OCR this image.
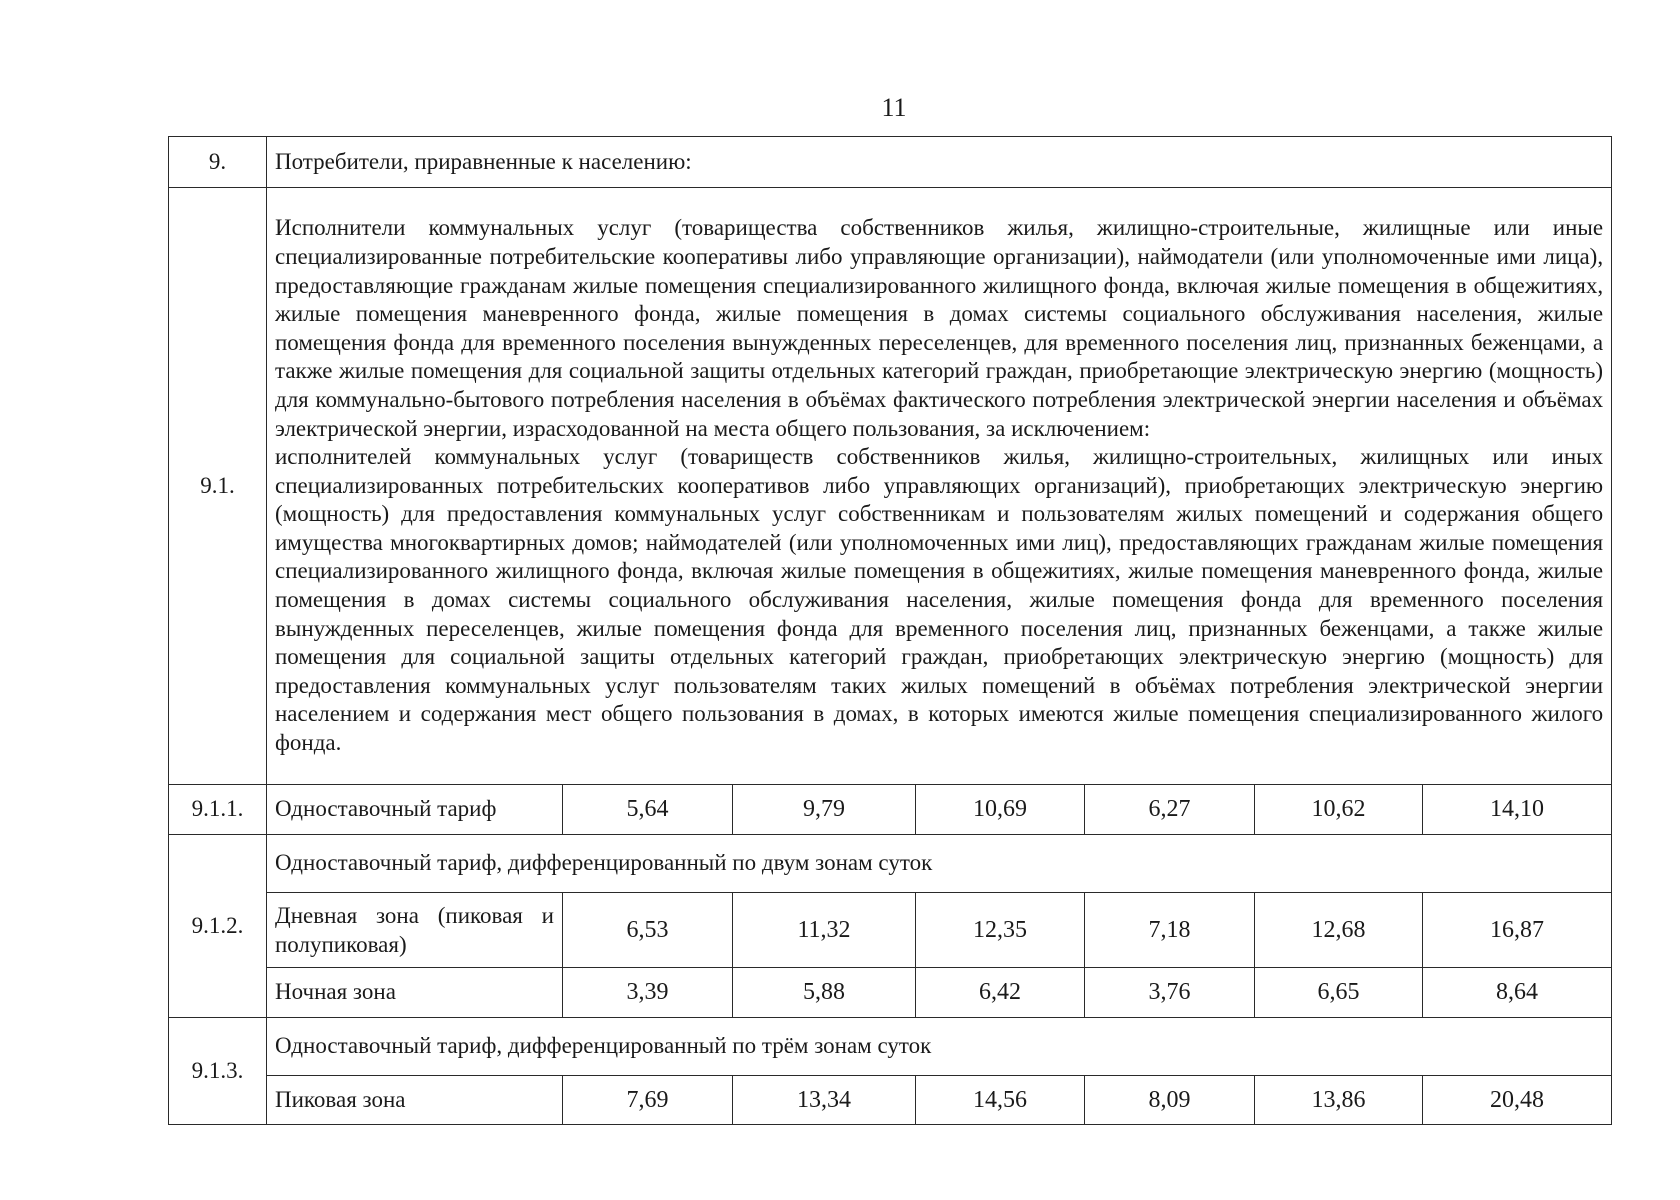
11
9.	Потребители, приравненные к населению:						
9.1.	Исполнители коммунальных услуг (товарищества собственников жилья, жилищно-строительные, жилищные или иные специализированные потребительские кооперативы либо управляющие организации), наймодатели (или уполномоченные ими лица), предоставляющие гражданам жилые помещения специализированного жилищного фонда, включая жилые помещения в общежитиях, жилые помещения маневренного фонда, жилые помещения в домах системы социального обслуживания населения, жилые помещения фонда для временного поселения вынужденных переселенцев, для временного поселения лиц, признанных беженцами, а также жилые помещения для социальной защиты отдельных категорий граждан, приобретающие электрическую энергию (мощность) для коммунально-бытового потребления населения в объёмах фактического потребления электрической энергии населения и объёмах электрической энергии, израсходованной на места общего пользования, за исключением:

исполнителей коммунальных услуг (товариществ собственников жилья, жилищно-строительных, жилищных или иных специализированных потребительских кооперативов либо управляющих организаций), приобретающих электрическую энергию (мощность) для предоставления коммунальных услуг собственникам и пользователям жилых помещений и содержания общего имущества многоквартирных домов; наймодателей (или уполномоченных ими лиц), предоставляющих гражданам жилые помещения специализированного жилищного фонда, включая жилые помещения в общежитиях, жилые помещения маневренного фонда, жилые помещения в домах системы социального обслуживания населения, жилые помещения фонда для временного поселения вынужденных переселенцев, жилые помещения фонда для временного поселения лиц, признанных беженцами, а также жилые помещения для социальной защиты отдельных категорий граждан, приобретающих электрическую энергию (мощность) для предоставления коммунальных услуг пользователям таких жилых помещений в объёмах потребления электрической энергии населением и содержания мест общего пользования в домах, в которых имеются жилые помещения специализированного жилого фонда.						

9.1.1.	Одноставочный тариф	5,64	9,79	10,69	6,27	10,62	14,10
9.1.2.	Одноставочный тариф, дифференцированный по двум зонам суток						
	Дневная зона (пиковая и полупиковая)	6,53	11,32	12,35	7,18	12,68	16,87
	Ночная зона	3,39	5,88	6,42	3,76	6,65	8,64
9.1.3.	Одноставочный тариф, дифференцированный по трём зонам суток						
	Пиковая зона	7,69	13,34	14,56	8,09	13,86	20,48
